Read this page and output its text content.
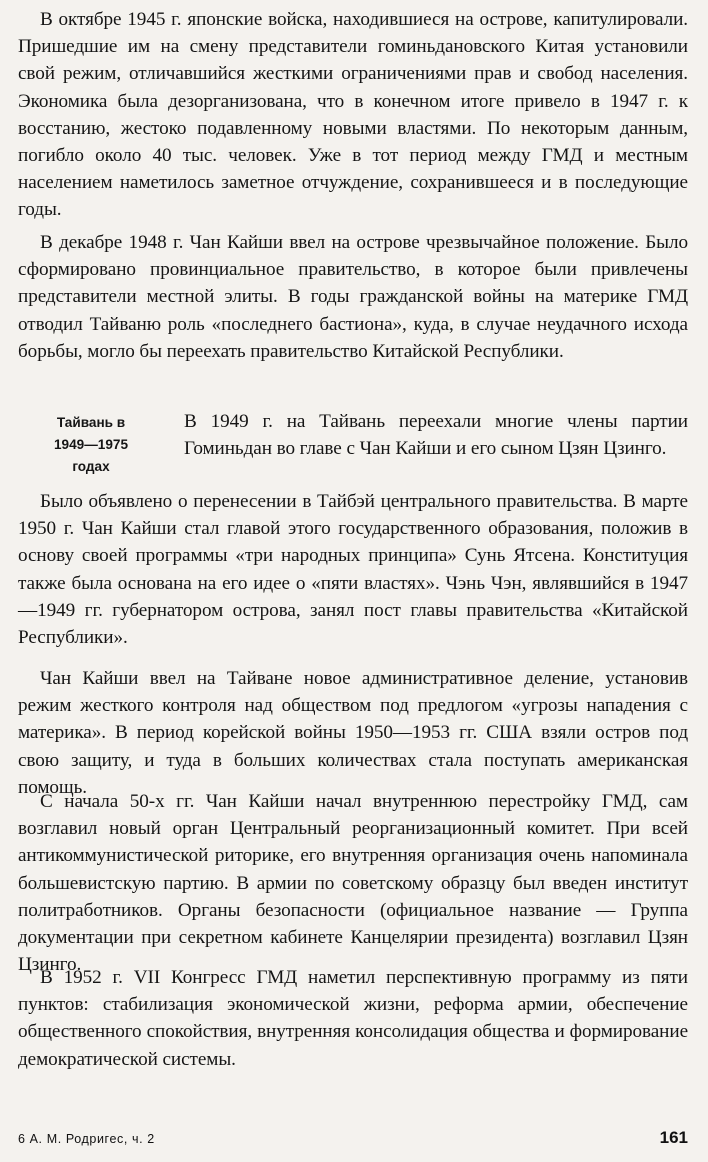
В октябре 1945 г. японские войска, находившиеся на острове, капитулировали. Пришедшие им на смену представители гоминьдановского Китая установили свой режим, отличавшийся жесткими ограничениями прав и свобод населения. Экономика была дезорганизована, что в конечном итоге привело в 1947 г. к восстанию, жестоко подавленному новыми властями. По некоторым данным, погибло около 40 тыс. человек. Уже в тот период между ГМД и местным населением наметилось заметное отчуждение, сохранившееся и в последующие годы.

В декабре 1948 г. Чан Кайши ввел на острове чрезвычайное положение. Было сформировано провинциальное правительство, в которое были привлечены представители местной элиты. В годы гражданской войны на материке ГМД отводил Тайваню роль «последнего бастиона», куда, в случае неудачного исхода борьбы, могло бы переехать правительство Китайской Республики.

Тайвань в
1949—1975
годах

В 1949 г. на Тайвань переехали многие члены партии Гоминьдан во главе с Чан Кайши и его сыном Цзян Цзинго.

Было объявлено о перенесении в Тайбэй центрального правительства. В марте 1950 г. Чан Кайши стал главой этого государственного образования, положив в основу своей программы «три народных принципа» Сунь Ятсена. Конституция также была основана на его идее о «пяти властях». Чэнь Чэн, являвшийся в 1947—1949 гг. губернатором острова, занял пост главы правительства «Китайской Республики».

Чан Кайши ввел на Тайване новое административное деление, установив режим жесткого контроля над обществом под предлогом «угрозы нападения с материка». В период корейской войны 1950—1953 гг. США взяли остров под свою защиту, и туда в больших количествах стала поступать американская помощь.

С начала 50-х гг. Чан Кайши начал внутреннюю перестройку ГМД, сам возглавил новый орган Центральный реорганизационный комитет. При всей антикоммунистической риторике, его внутренняя организация очень напоминала большевистскую партию. В армии по советскому образцу был введен институт политработников. Органы безопасности (официальное название — Группа документации при секретном кабинете Канцелярии президента) возглавил Цзян Цзинго.

В 1952 г. VII Конгресс ГМД наметил перспективную программу из пяти пунктов: стабилизация экономической жизни, реформа армии, обеспечение общественного спокойствия, внутренняя консолидация общества и формирование демократической системы.

6 А. М. Родригес, ч. 2	161
